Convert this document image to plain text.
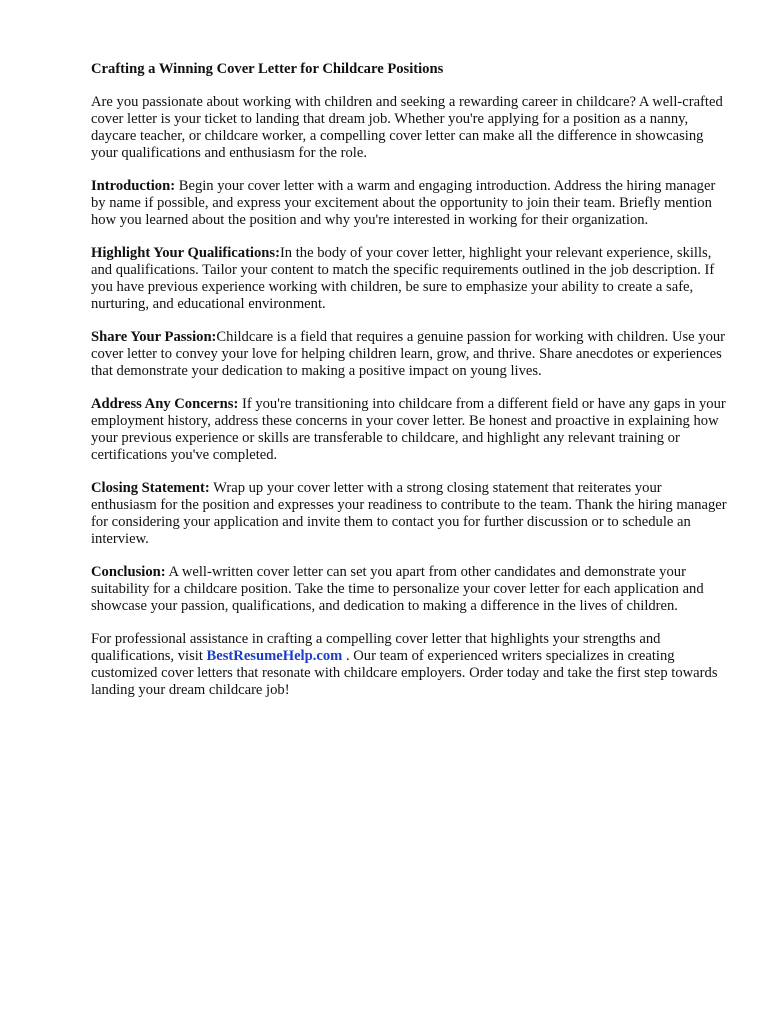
Crafting a Winning Cover Letter for Childcare Positions

Are you passionate about working with children and seeking a rewarding career in childcare? A well-crafted cover letter is your ticket to landing that dream job. Whether you're applying for a position as a nanny, daycare teacher, or childcare worker, a compelling cover letter can make all the difference in showcasing your qualifications and enthusiasm for the role.

Introduction: Begin your cover letter with a warm and engaging introduction. Address the hiring manager by name if possible, and express your excitement about the opportunity to join their team. Briefly mention how you learned about the position and why you're interested in working for their organization.

Highlight Your Qualifications:In the body of your cover letter, highlight your relevant experience, skills, and qualifications. Tailor your content to match the specific requirements outlined in the job description. If you have previous experience working with children, be sure to emphasize your ability to create a safe, nurturing, and educational environment.

Share Your Passion:Childcare is a field that requires a genuine passion for working with children. Use your cover letter to convey your love for helping children learn, grow, and thrive. Share anecdotes or experiences that demonstrate your dedication to making a positive impact on young lives.

Address Any Concerns: If you're transitioning into childcare from a different field or have any gaps in your employment history, address these concerns in your cover letter. Be honest and proactive in explaining how your previous experience or skills are transferable to childcare, and highlight any relevant training or certifications you've completed.

Closing Statement: Wrap up your cover letter with a strong closing statement that reiterates your enthusiasm for the position and expresses your readiness to contribute to the team. Thank the hiring manager for considering your application and invite them to contact you for further discussion or to schedule an interview.

Conclusion: A well-written cover letter can set you apart from other candidates and demonstrate your suitability for a childcare position. Take the time to personalize your cover letter for each application and showcase your passion, qualifications, and dedication to making a difference in the lives of children.

For professional assistance in crafting a compelling cover letter that highlights your strengths and qualifications, visit BestResumeHelp.com . Our team of experienced writers specializes in creating customized cover letters that resonate with childcare employers. Order today and take the first step towards landing your dream childcare job!
